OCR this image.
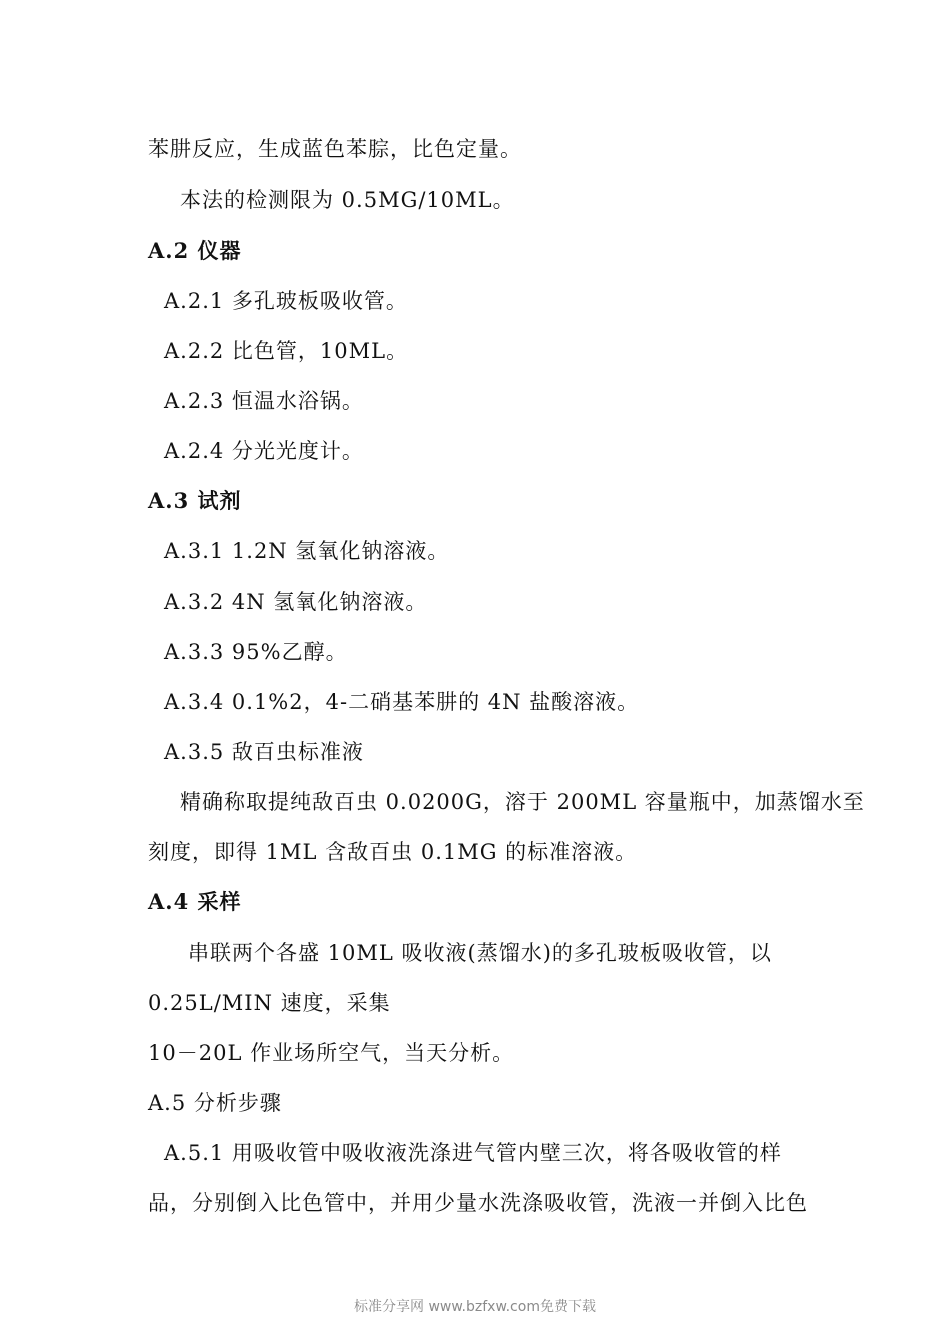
苯肼反应，生成蓝色苯腙，比色定量。
本法的检测限为 0.5MG/10ML。
A.2 仪器
A.2.1 多孔玻板吸收管。
A.2.2 比色管，10ML。
A.2.3 恒温水浴锅。
A.2.4 分光光度计。
A.3 试剂
A.3.1 1.2N 氢氧化钠溶液。
A.3.2 4N 氢氧化钠溶液。
A.3.3 95%乙醇。
A.3.4 0.1%2，4-二硝基苯肼的 4N 盐酸溶液。
A.3.5 敌百虫标准液
精确称取提纯敌百虫 0.0200G，溶于 200ML 容量瓶中，加蒸馏水至
刻度，即得 1ML 含敌百虫 0.1MG 的标准溶液。
A.4 采样
串联两个各盛 10ML 吸收液(蒸馏水)的多孔玻板吸收管，以
0.25L/MIN 速度，采集
10－20L 作业场所空气，当天分析。
A.5 分析步骤
A.5.1 用吸收管中吸收液洗涤进气管内壁三次，将各吸收管的样
品，分别倒入比色管中，并用少量水洗涤吸收管，洗液一并倒入比色
标准分享网 www.bzfxw.com免费下载
